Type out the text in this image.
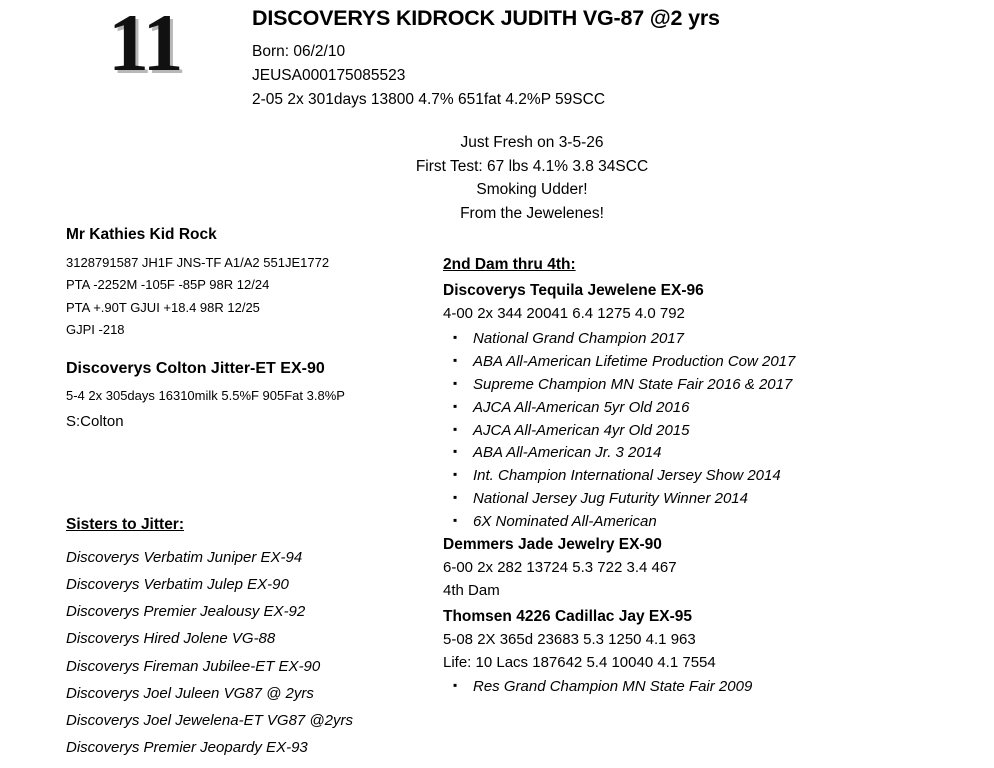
11	DISCOVERYS KIDROCK JUDITH VG-87 @2 yrs
Born: 06/2/10
JEUSA000175085523
2-05 2x 301days 13800 4.7% 651fat 4.2%P 59SCC
Just Fresh on 3-5-26
First Test: 67 lbs 4.1% 3.8 34SCC
Smoking Udder!
From the Jewelenes!
Mr Kathies Kid Rock
3128791587 JH1F JNS-TF A1/A2 551JE1772
PTA -2252M -105F -85P 98R 12/24
PTA +.90T GJUI +18.4 98R 12/25
GJPI -218
Discoverys Colton Jitter-ET EX-90
5-4 2x 305days 16310milk 5.5%F 905Fat 3.8%P
S:Colton
Sisters to Jitter:
Discoverys Verbatim Juniper EX-94
Discoverys Verbatim Julep EX-90
Discoverys Premier Jealousy EX-92
Discoverys Hired Jolene VG-88
Discoverys Fireman Jubilee-ET EX-90
Discoverys Joel Juleen VG87 @ 2yrs
Discoverys Joel Jewelena-ET VG87 @2yrs
Discoverys Premier Jeopardy EX-93
2nd Dam thru 4th:
Discoverys Tequila Jewelene EX-96
4-00 2x 344 20041 6.4 1275 4.0 792
▪ National Grand Champion 2017
▪ ABA All-American Lifetime Production Cow 2017
▪ Supreme Champion MN State Fair 2016 & 2017
▪ AJCA All-American 5yr Old 2016
▪ AJCA All-American 4yr Old 2015
▪ ABA All-American Jr. 3 2014
▪ Int. Champion International Jersey Show 2014
▪ National Jersey Jug Futurity Winner 2014
▪ 6X Nominated All-American
Demmers Jade Jewelry EX-90
6-00 2x 282 13724 5.3 722 3.4 467
4th Dam
Thomsen 4226 Cadillac Jay EX-95
5-08 2X 365d 23683 5.3 1250 4.1 963
Life: 10 Lacs 187642 5.4 10040 4.1 7554
▪ Res Grand Champion MN State Fair 2009
